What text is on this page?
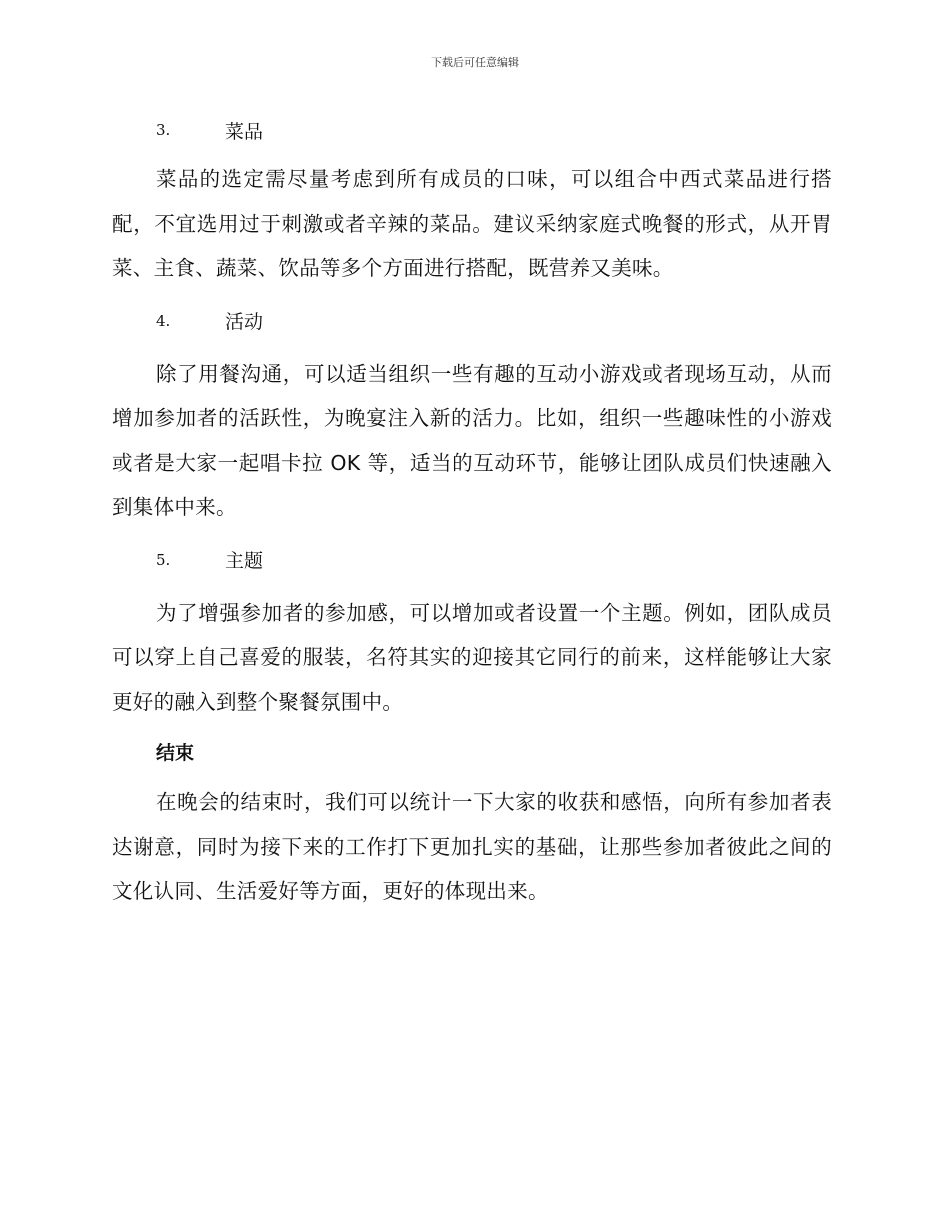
下载后可任意编辑
3.	菜品

菜品的选定需尽量考虑到所有成员的口味，可以组合中西式菜品进行搭配，不宜选用过于刺激或者辛辣的菜品。建议采纳家庭式晚餐的形式，从开胃菜、主食、蔬菜、饮品等多个方面进行搭配，既营养又美味。

4.	活动

除了用餐沟通，可以适当组织一些有趣的互动小游戏或者现场互动，从而增加参加者的活跃性，为晚宴注入新的活力。比如，组织一些趣味性的小游戏或者是大家一起唱卡拉 OK 等，适当的互动环节，能够让团队成员们快速融入到集体中来。

5.	主题

为了增强参加者的参加感，可以增加或者设置一个主题。例如，团队成员可以穿上自己喜爱的服装，名符其实的迎接其它同行的前来，这样能够让大家更好的融入到整个聚餐氛围中。

结束

在晚会的结束时，我们可以统计一下大家的收获和感悟，向所有参加者表达谢意，同时为接下来的工作打下更加扎实的基础，让那些参加者彼此之间的文化认同、生活爱好等方面，更好的体现出来。
